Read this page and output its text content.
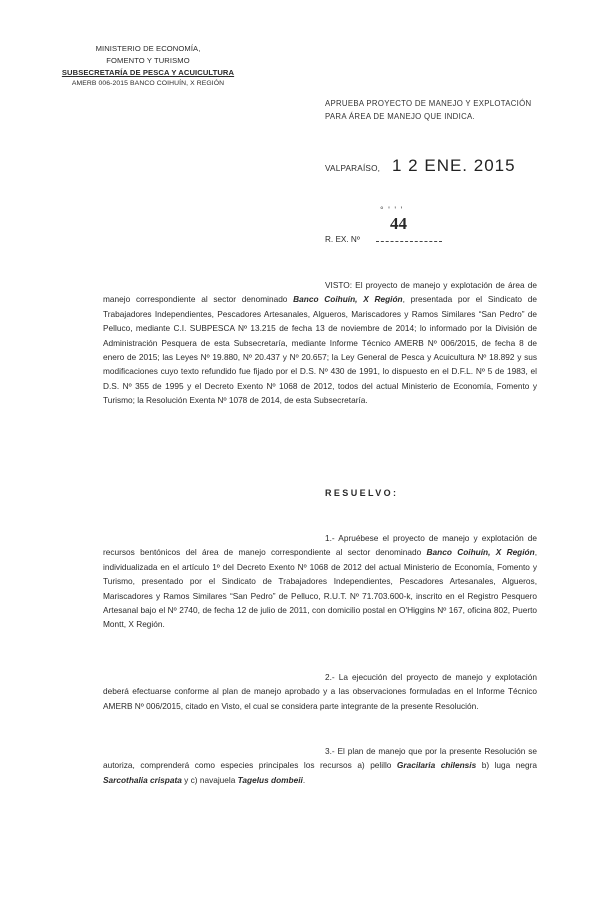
MINISTERIO DE ECONOMÍA,
FOMENTO Y TURISMO
SUBSECRETARÍA DE PESCA Y ACUICULTURA
AMERB 006-2015 BANCO COIHUÍN, X REGIÓN
APRUEBA PROYECTO DE MANEJO Y EXPLOTACIÓN
PARA ÁREA DE MANEJO QUE INDICA.
VALPARAÍSO, 1 2 ENE. 2015
° ' ' '
44
R. EX. Nº
VISTO: El proyecto de manejo y explotación de área de manejo correspondiente al sector denominado Banco Coihuín, X Región, presentada por el Sindicato de Trabajadores Independientes, Pescadores Artesanales, Algueros, Mariscadores y Ramos Similares “San Pedro” de Pelluco, mediante C.I. SUBPESCA Nº 13.215 de fecha 13 de noviembre de 2014; lo informado por la División de Administración Pesquera de esta Subsecretaría, mediante Informe Técnico AMERB Nº 006/2015, de fecha 8 de enero de 2015; las Leyes Nº 19.880, Nº 20.437 y Nº 20.657; la Ley General de Pesca y Acuicultura Nº 18.892 y sus modificaciones cuyo texto refundido fue fijado por el D.S. Nº 430 de 1991, lo dispuesto en el D.F.L. Nº 5 de 1983, el D.S. Nº 355 de 1995 y el Decreto Exento Nº 1068 de 2012, todos del actual Ministerio de Economía, Fomento y Turismo; la Resolución Exenta Nº 1078 de 2014, de esta Subsecretaría.
RESUELVO:
1.- Apruébese el proyecto de manejo y explotación de recursos bentónicos del área de manejo correspondiente al sector denominado Banco Coihuín, X Región, individualizada en el artículo 1º del Decreto Exento Nº 1068 de 2012 del actual Ministerio de Economía, Fomento y Turismo, presentado por el Sindicato de Trabajadores Independientes, Pescadores Artesanales, Algueros, Mariscadores y Ramos Similares “San Pedro” de Pelluco, R.U.T. Nº 71.703.600-k, inscrito en el Registro Pesquero Artesanal bajo el Nº 2740, de fecha 12 de julio de 2011, con domicilio postal en O'Higgins Nº 167, oficina 802, Puerto Montt, X Región.
2.- La ejecución del proyecto de manejo y explotación deberá efectuarse conforme al plan de manejo aprobado y a las observaciones formuladas en el Informe Técnico AMERB Nº 006/2015, citado en Visto, el cual se considera parte integrante de la presente Resolución.
3.- El plan de manejo que por la presente Resolución se autoriza, comprenderá como especies principales los recursos a) pelillo Gracilaria chilensis b) luga negra Sarcothalia crispata y c) navajuela Tagelus dombeii.
